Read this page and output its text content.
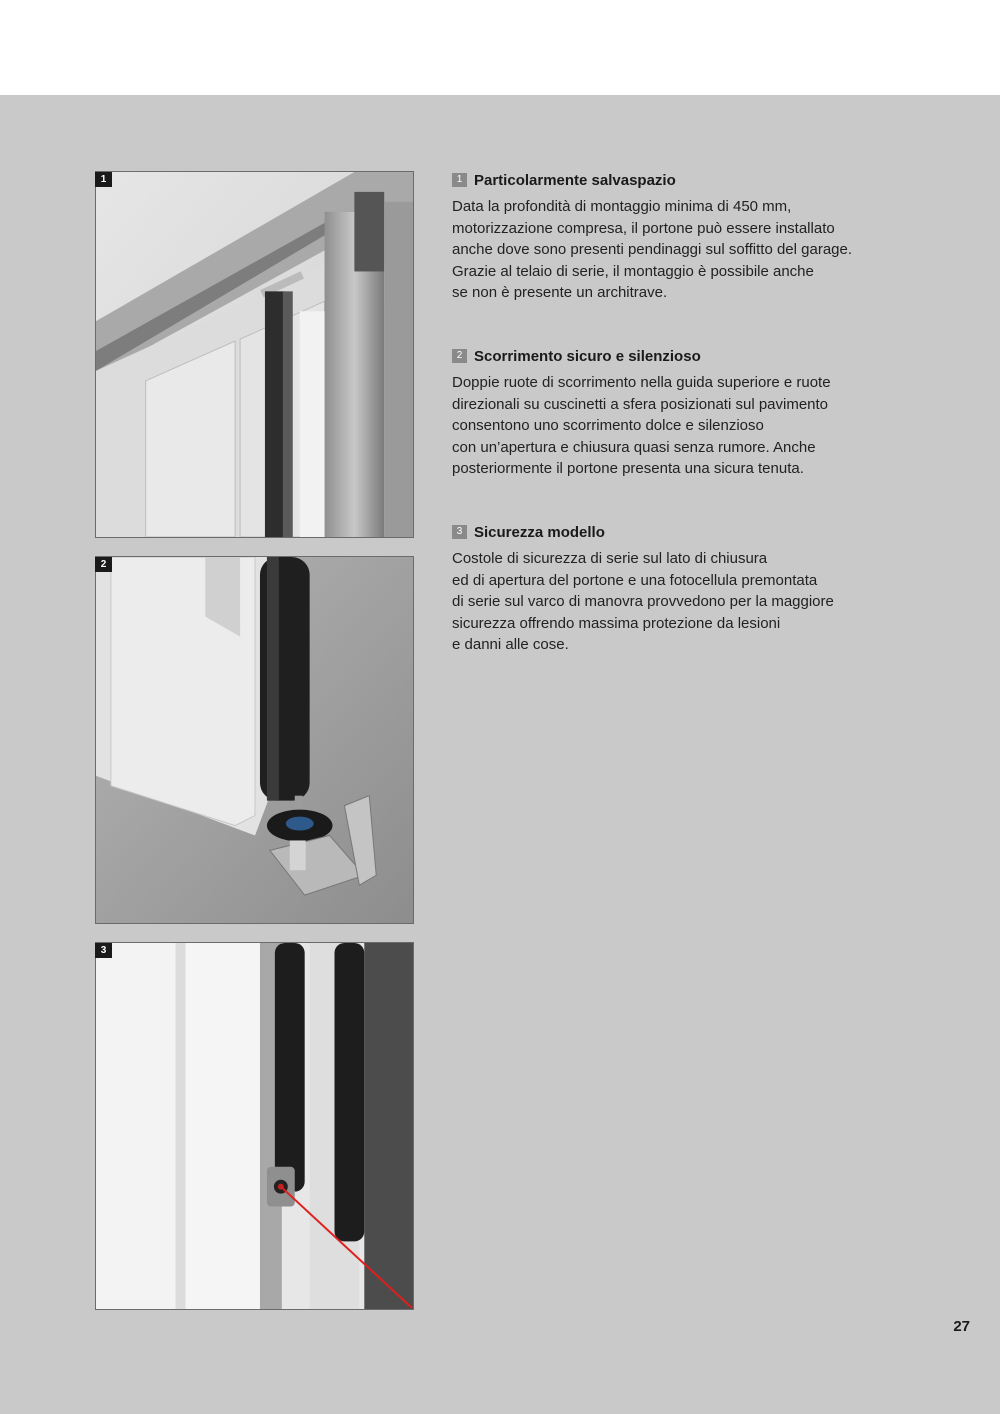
1
2
3
1 Particolarmente salvaspazio
Data la profondità di montaggio minima di 450 mm,
motorizzazione compresa, il portone può essere installato
anche dove sono presenti pendinaggi sul soffitto del garage.
Grazie al telaio di serie, il montaggio è possibile anche
se non è presente un architrave.
2 Scorrimento sicuro e silenzioso
Doppie ruote di scorrimento nella guida superiore e ruote
direzionali su cuscinetti a sfera posizionati sul pavimento
consentono uno scorrimento dolce e silenzioso
con un’apertura e chiusura quasi senza rumore. Anche
posteriormente il portone presenta una sicura tenuta.
3 Sicurezza modello
Costole di sicurezza di serie sul lato di chiusura
ed di apertura del portone e una fotocellula premontata
di serie sul varco di manovra provvedono per la maggiore
sicurezza offrendo massima protezione da lesioni
e danni alle cose.
27
